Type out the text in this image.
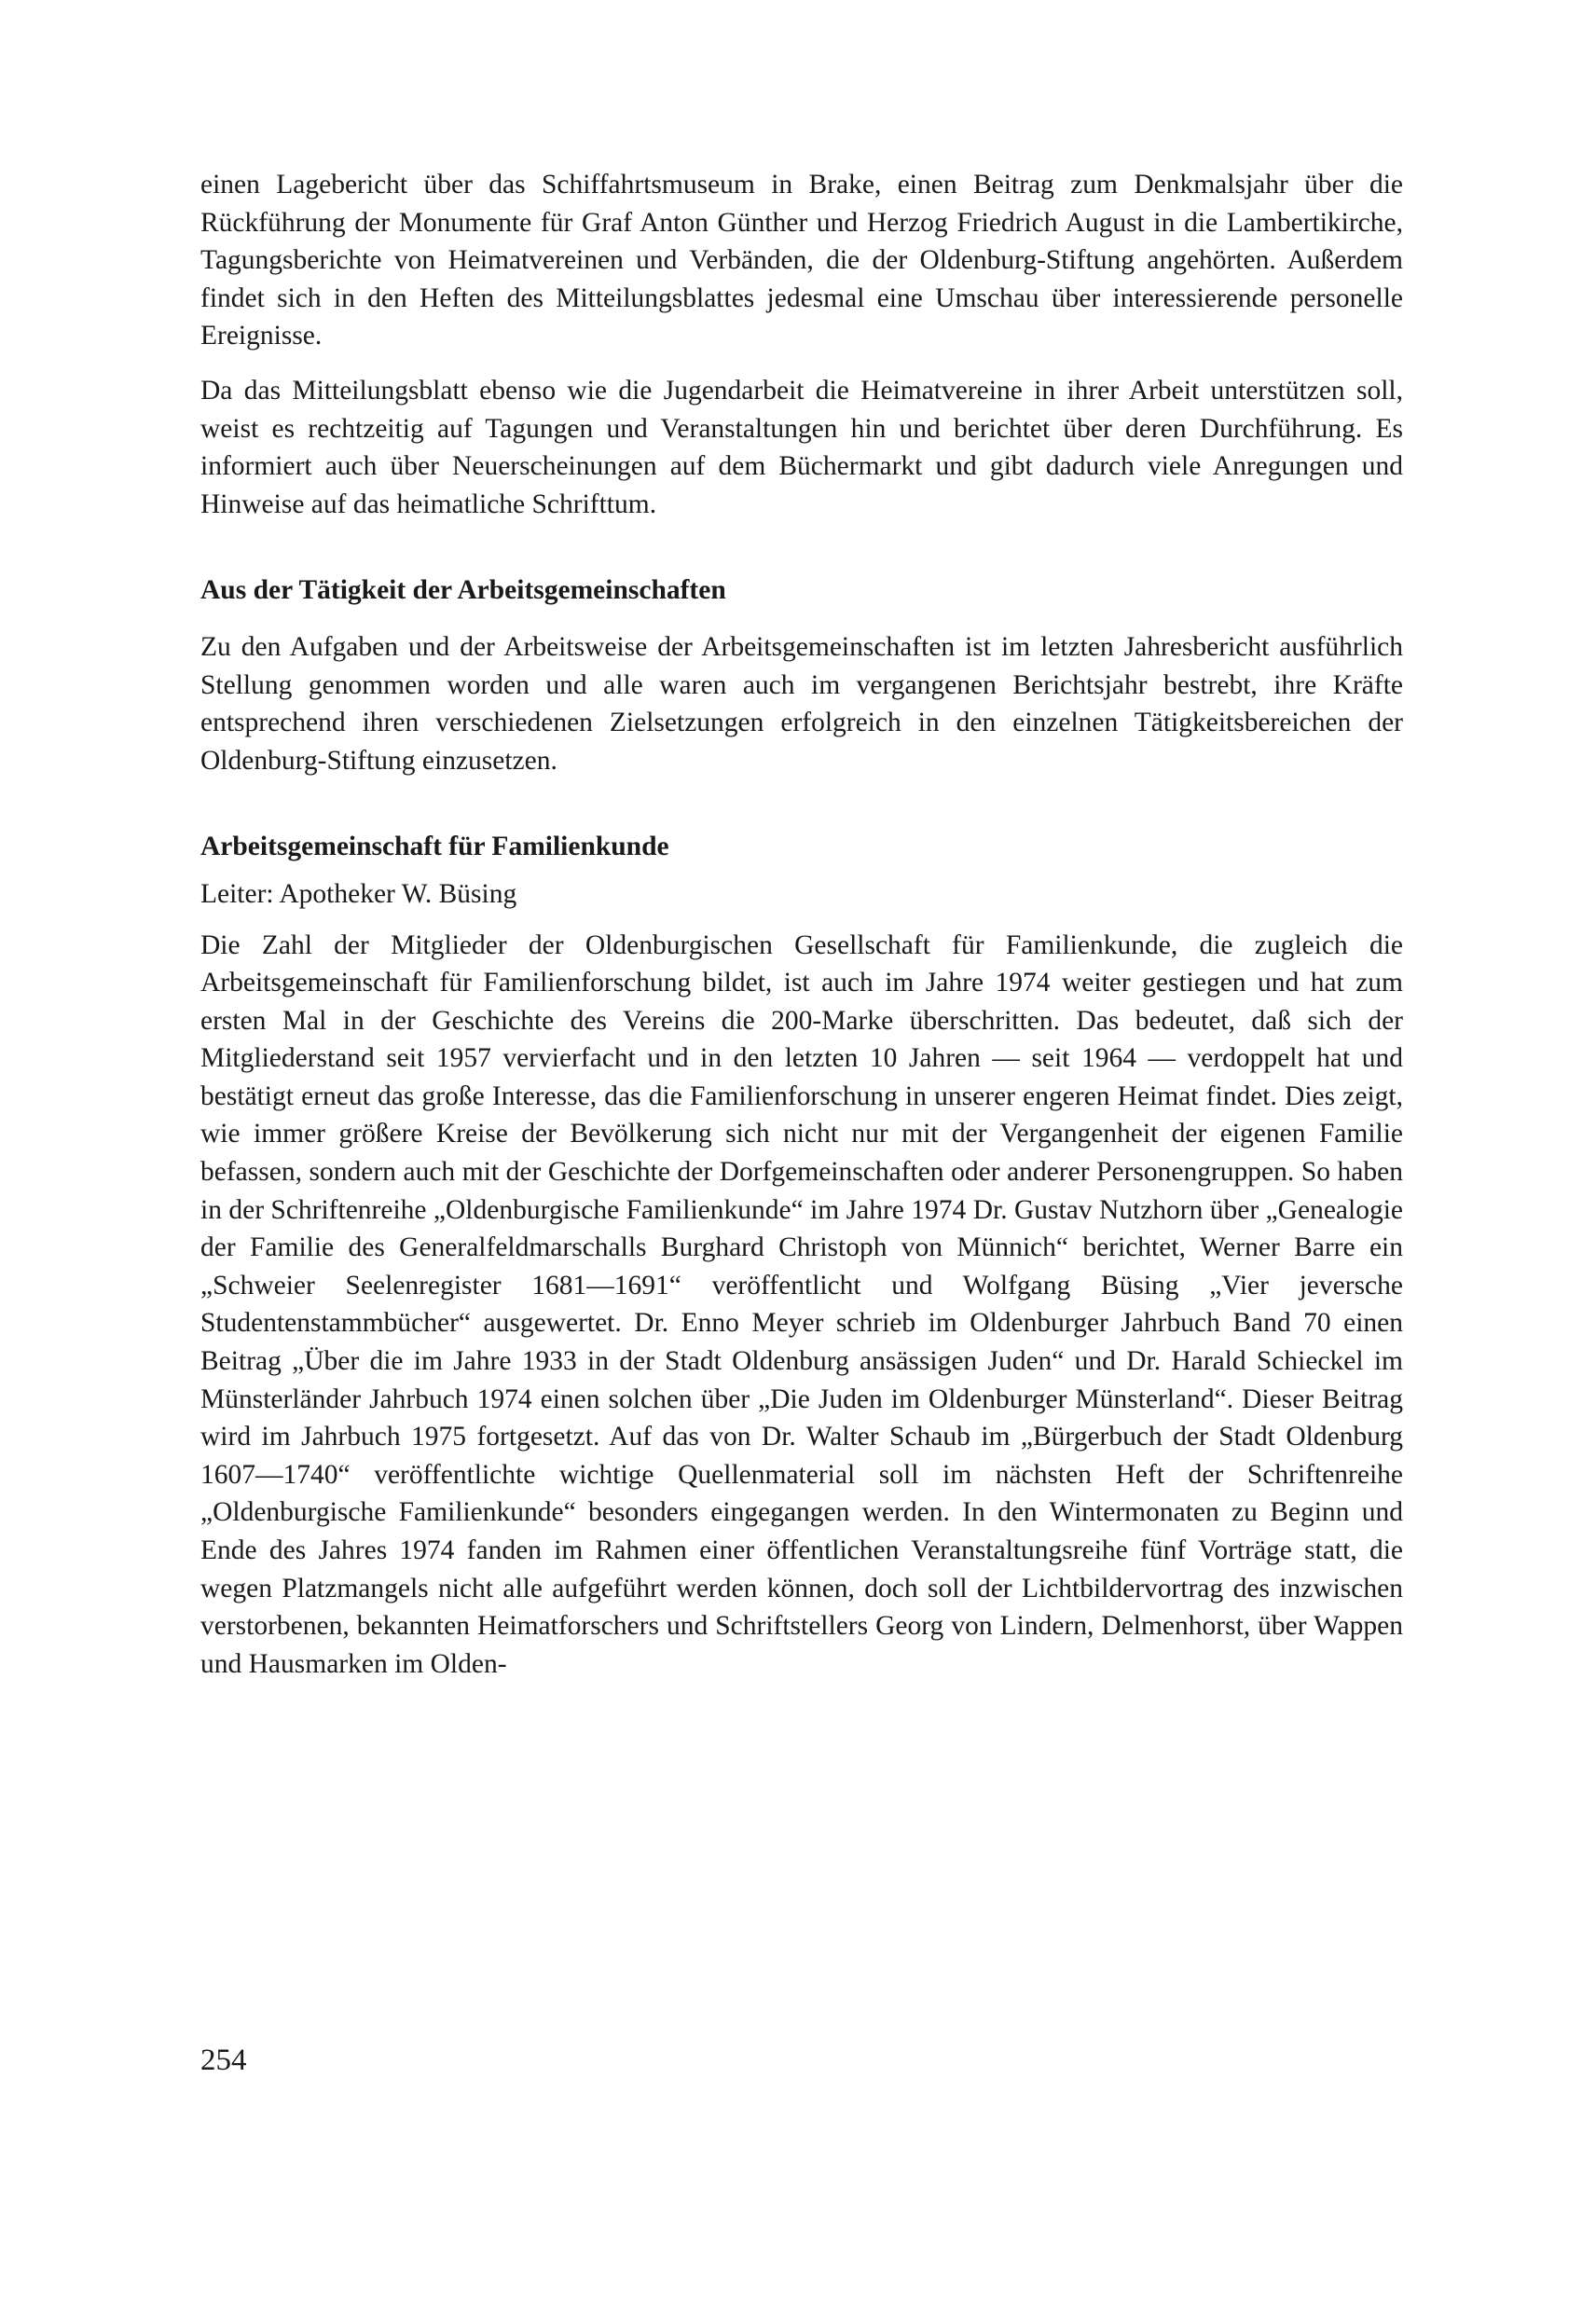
einen Lagebericht über das Schiffahrtsmuseum in Brake, einen Beitrag zum Denkmalsjahr über die Rückführung der Monumente für Graf Anton Günther und Herzog Friedrich August in die Lambertikirche, Tagungsberichte von Heimatvereinen und Verbänden, die der Oldenburg-Stiftung angehörten. Außerdem findet sich in den Heften des Mitteilungsblattes jedesmal eine Umschau über interessierende personelle Ereignisse.

Da das Mitteilungsblatt ebenso wie die Jugendarbeit die Heimatvereine in ihrer Arbeit unterstützen soll, weist es rechtzeitig auf Tagungen und Veranstaltungen hin und berichtet über deren Durchführung. Es informiert auch über Neuerscheinungen auf dem Büchermarkt und gibt dadurch viele Anregungen und Hinweise auf das heimatliche Schrifttum.

Aus der Tätigkeit der Arbeitsgemeinschaften

Zu den Aufgaben und der Arbeitsweise der Arbeitsgemeinschaften ist im letzten Jahresbericht ausführlich Stellung genommen worden und alle waren auch im vergangenen Berichtsjahr bestrebt, ihre Kräfte entsprechend ihren verschiedenen Zielsetzungen erfolgreich in den einzelnen Tätigkeitsbereichen der Oldenburg-Stiftung einzusetzen.

Arbeitsgemeinschaft für Familienkunde

Leiter: Apotheker W. Büsing

Die Zahl der Mitglieder der Oldenburgischen Gesellschaft für Familienkunde, die zugleich die Arbeitsgemeinschaft für Familienforschung bildet, ist auch im Jahre 1974 weiter gestiegen und hat zum ersten Mal in der Geschichte des Vereins die 200-Marke überschritten. Das bedeutet, daß sich der Mitgliederstand seit 1957 vervierfacht und in den letzten 10 Jahren — seit 1964 — verdoppelt hat und bestätigt erneut das große Interesse, das die Familienforschung in unserer engeren Heimat findet. Dies zeigt, wie immer größere Kreise der Bevölkerung sich nicht nur mit der Vergangenheit der eigenen Familie befassen, sondern auch mit der Geschichte der Dorfgemeinschaften oder anderer Personengruppen. So haben in der Schriftenreihe „Oldenburgische Familienkunde“ im Jahre 1974 Dr. Gustav Nutzhorn über „Genealogie der Familie des Generalfeldmarschalls Burghard Christoph von Münnich“ berichtet, Werner Barre ein „Schweier Seelenregister 1681—1691“ veröffentlicht und Wolfgang Büsing „Vier jeversche Studentenstammbücher“ ausgewertet. Dr. Enno Meyer schrieb im Oldenburger Jahrbuch Band 70 einen Beitrag „Über die im Jahre 1933 in der Stadt Oldenburg ansässigen Juden“ und Dr. Harald Schieckel im Münsterländer Jahrbuch 1974 einen solchen über „Die Juden im Oldenburger Münsterland“. Dieser Beitrag wird im Jahrbuch 1975 fortgesetzt. Auf das von Dr. Walter Schaub im „Bürgerbuch der Stadt Oldenburg 1607—1740“ veröffentlichte wichtige Quellenmaterial soll im nächsten Heft der Schriftenreihe „Oldenburgische Familienkunde“ besonders eingegangen werden. In den Wintermonaten zu Beginn und Ende des Jahres 1974 fanden im Rahmen einer öffentlichen Veranstaltungsreihe fünf Vorträge statt, die wegen Platzmangels nicht alle aufgeführt werden können, doch soll der Lichtbildervortrag des inzwischen verstorbenen, bekannten Heimatforschers und Schriftstellers Georg von Lindern, Delmenhorst, über Wappen und Hausmarken im Olden-

254
